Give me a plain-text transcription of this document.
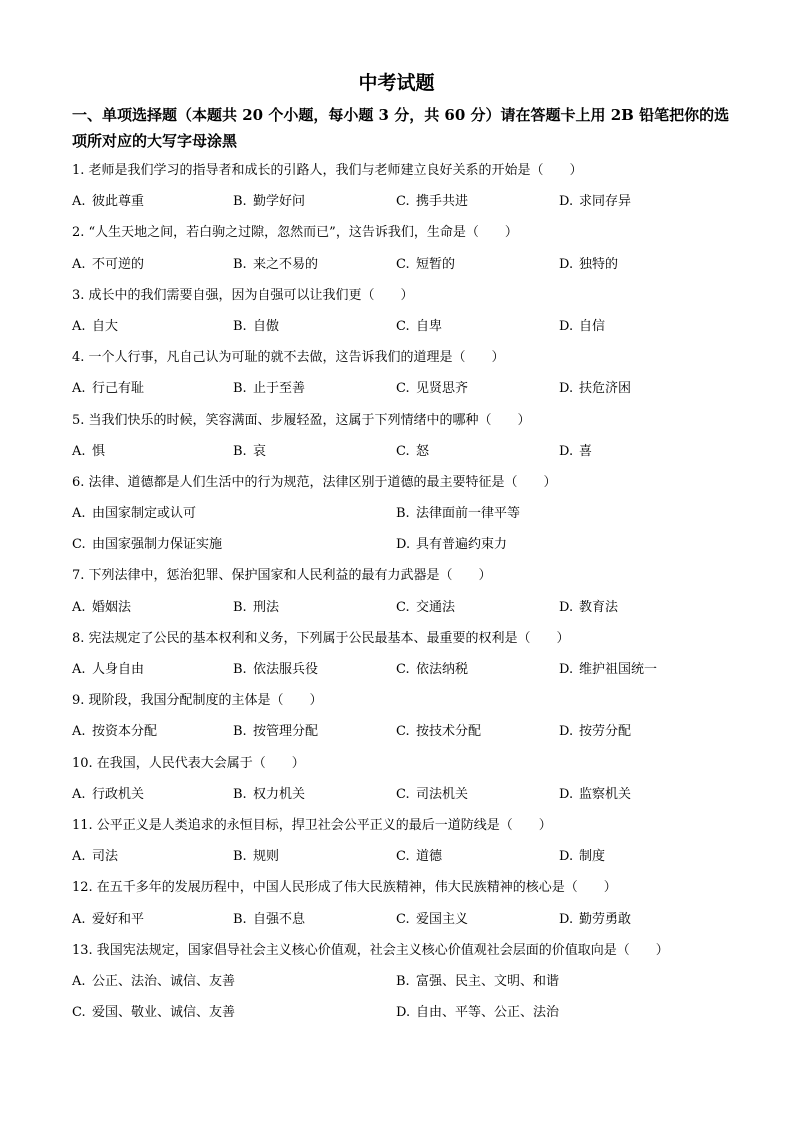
中考试题
一、单项选择题（本题共 20 个小题，每小题 3 分，共 60 分）请在答题卡上用 2B 铅笔把你的选项所对应的大写字母涂黑
1. 老师是我们学习的指导者和成长的引路人，我们与老师建立良好关系的开始是（　　）
A. 彼此尊重	B. 勤学好问	C. 携手共进	D. 求同存异
2. “人生天地之间，若白驹之过隙，忽然而已”，这告诉我们，生命是（　　）
A. 不可逆的	B. 来之不易的	C. 短暂的	D. 独特的
3. 成长中的我们需要自强，因为自强可以让我们更（　　）
A. 自大	B. 自傲	C. 自卑	D. 自信
4. 一个人行事，凡自己认为可耻的就不去做，这告诉我们的道理是（　　）
A. 行己有耻	B. 止于至善	C. 见贤思齐	D. 扶危济困
5. 当我们快乐的时候，笑容满面、步履轻盈，这属于下列情绪中的哪种（　　）
A. 惧	B. 哀	C. 怒	D. 喜
6. 法律、道德都是人们生活中的行为规范，法律区别于道德的最主要特征是（　　）
A. 由国家制定或认可	B. 法律面前一律平等
C. 由国家强制力保证实施	D. 具有普遍约束力
7. 下列法律中，惩治犯罪、保护国家和人民利益的最有力武器是（　　）
A. 婚姻法	B. 刑法	C. 交通法	D. 教育法
8. 宪法规定了公民的基本权利和义务，下列属于公民最基本、最重要的权利是（　　）
A. 人身自由	B. 依法服兵役	C. 依法纳税	D. 维护祖国统一
9. 现阶段，我国分配制度的主体是（　　）
A. 按资本分配	B. 按管理分配	C. 按技术分配	D. 按劳分配
10. 在我国，人民代表大会属于（　　）
A. 行政机关	B. 权力机关	C. 司法机关	D. 监察机关
11. 公平正义是人类追求的永恒目标，捍卫社会公平正义的最后一道防线是（　　）
A. 司法	B. 规则	C. 道德	D. 制度
12. 在五千多年的发展历程中，中国人民形成了伟大民族精神，伟大民族精神的核心是（　　）
A. 爱好和平	B. 自强不息	C. 爱国主义	D. 勤劳勇敢
13. 我国宪法规定，国家倡导社会主义核心价值观，社会主义核心价值观社会层面的价值取向是（　　）
A. 公正、法治、诚信、友善	B. 富强、民主、文明、和谐
C. 爱国、敬业、诚信、友善	D. 自由、平等、公正、法治
